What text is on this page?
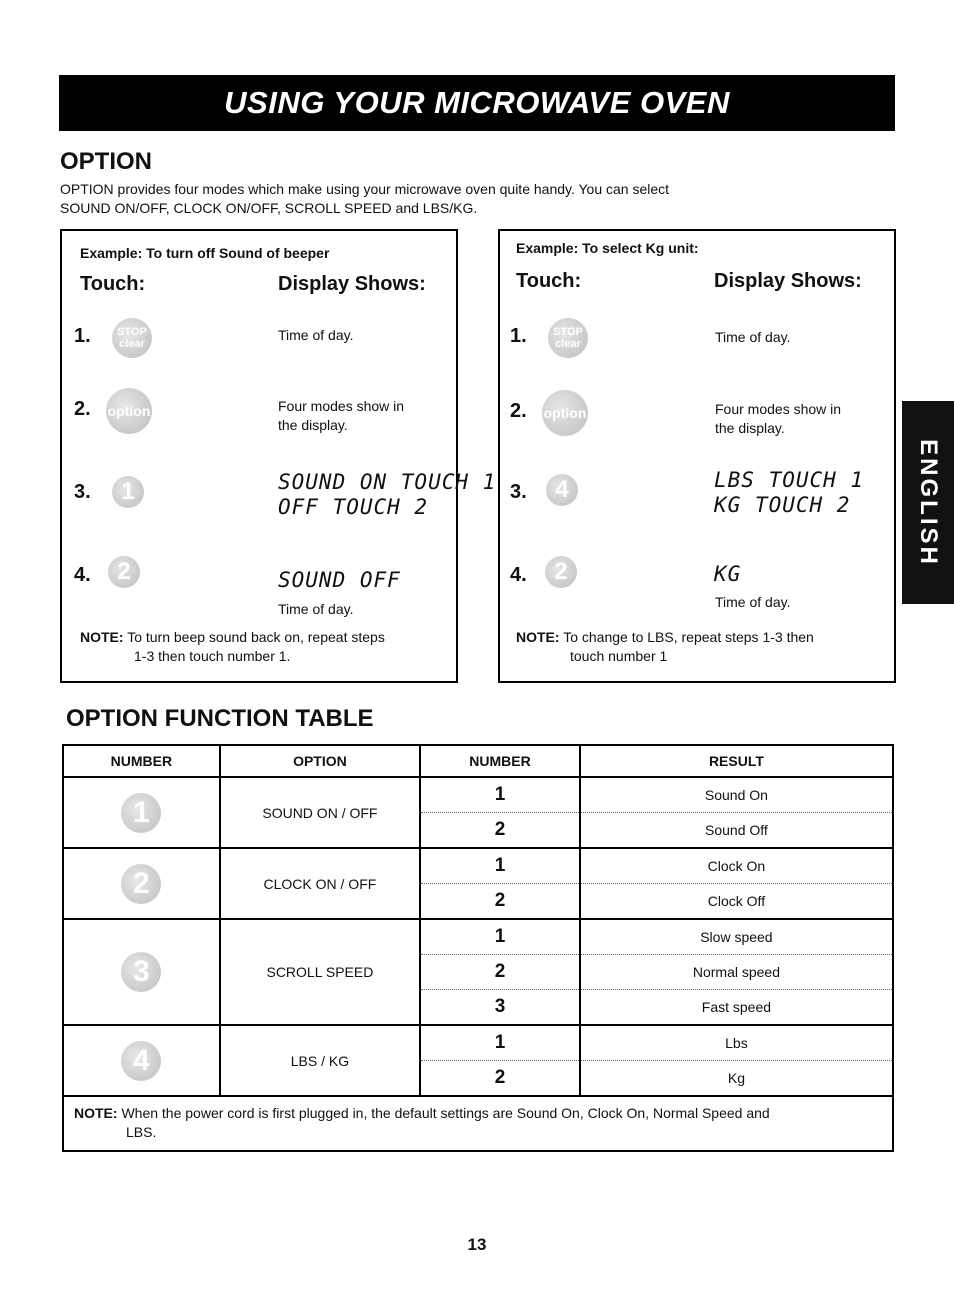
USING YOUR MICROWAVE OVEN
OPTION
OPTION provides four modes which make using your microwave oven quite handy. You can select
SOUND ON/OFF, CLOCK ON/OFF, SCROLL SPEED and LBS/KG.
Example: To turn off Sound of beeper
Touch:	Display Shows:
1.	STOP clear
Time of day.
2. option	Four modes show in
the display.
3.	1	SOUND ON TOUCH 1
OFF TOUCH 2
4.	2	SOUND OFF
Time of day.
NOTE: To turn beep sound back on, repeat steps
1-3 then touch number 1.
Example: To select Kg unit:
Touch:	Display Shows:
1.	STOP clear	Time of day.
2. option	Four modes show in
the display.
3.	4	LBS TOUCH 1
KG TOUCH 2
4.	2	KG
Time of day.
NOTE: To change to LBS, repeat steps 1-3 then
touch number 1
ENGLISH
OPTION FUNCTION TABLE
NUMBER	OPTION	NUMBER	RESULT
1	SOUND ON / OFF	1	Sound On
		2	Sound Off
2	CLOCK ON / OFF	1	Clock On
		2	Clock Off
3	SCROLL SPEED	1	Slow speed
		2	Normal speed
		3	Fast speed
4	LBS / KG	1	Lbs
		2	Kg
NOTE: When the power cord is first plugged in, the default settings are Sound On, Clock On, Normal Speed and
LBS.
13
